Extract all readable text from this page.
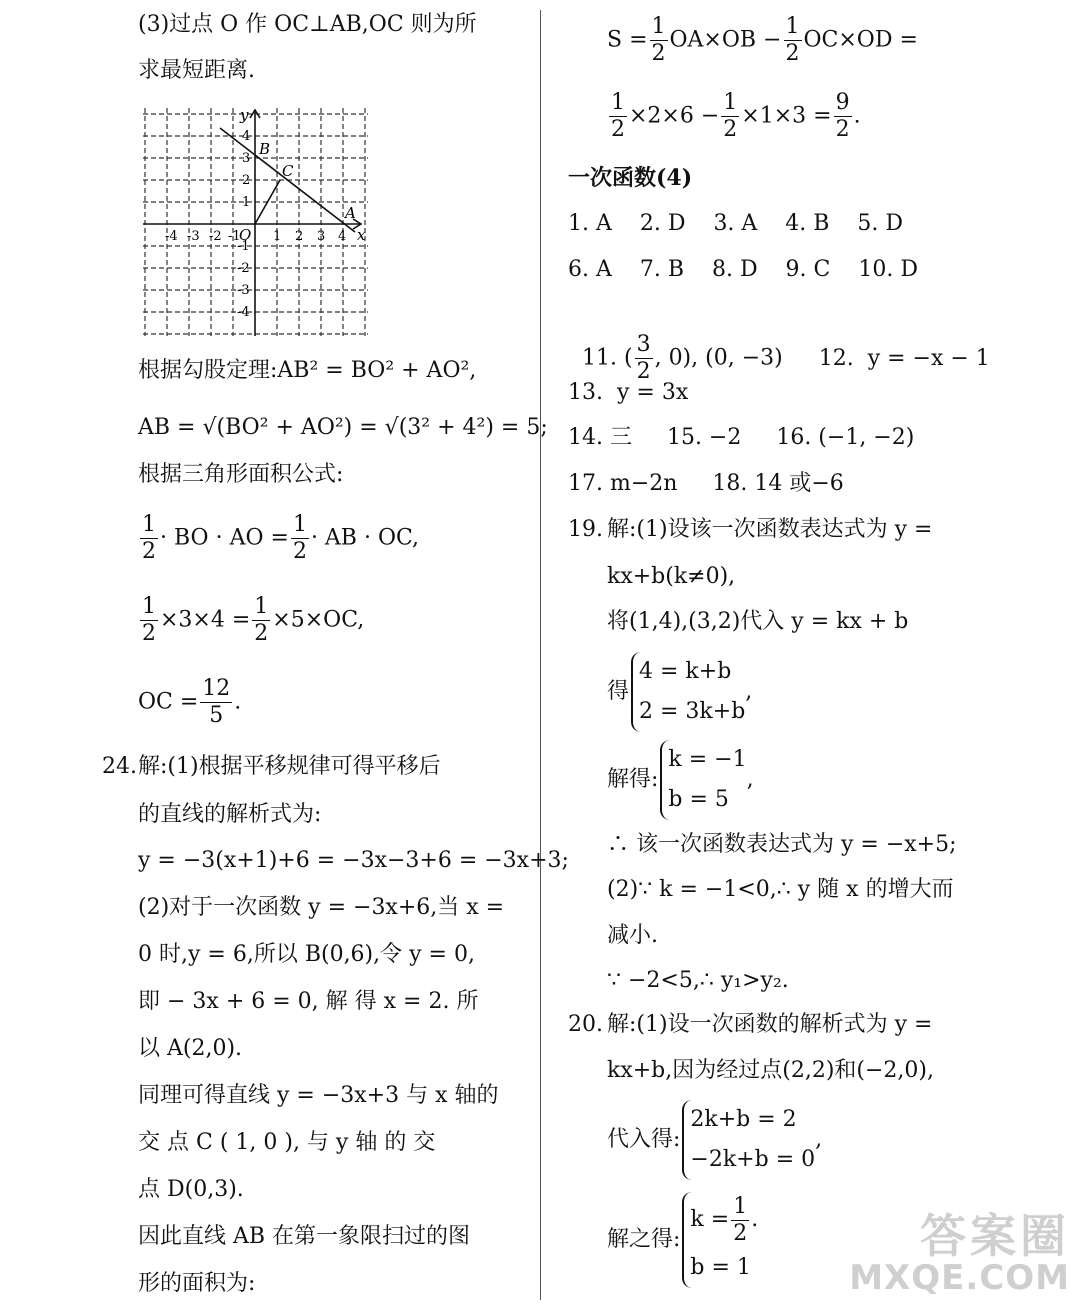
(3)过点 O 作 OC⊥AB,OC 则为所
求最短距离.
y
x
O
A
B
C
-4 -3 -2 -1 1 2 3 4
4
3
2
1
-1
-2
-3
-4
根据勾股定理:AB² = BO² + AO²,
AB = √(BO² + AO²) = √(3² + 4²) = 5;
根据三角形面积公式:
$\frac{1}{2}$ · BO · AO = $\frac{1}{2}$ · AB · OC,
$\frac{1}{2} \times 3\times 4 = \frac{1}{2} \times 5\times OC$,
OC = $\frac{12}{5}$ .
24. 解:(1)根据平移规律可得平移后
的直线的解析式为:
y = −3(x+1)+6 = −3x−3+6 = −3x+3;
(2)对于一次函数 y = −3x+6,当 x =
0 时,y = 6,所以 B(0,6),令 y = 0,
即 − 3x + 6 = 0, 解 得 x = 2. 所
以 A(2,0).
同理可得直线 y = −3x+3 与 x 轴的
交 点 C ( 1, 0 ), 与 y 轴 的 交
点 D(0,3).
因此直线 AB 在第一象限扫过的图
形的面积为:
$S = \frac{1}{2} OA\times OB - \frac{1}{2} OC\times OD$ =
$\frac{1}{2} \times 2\times 6 - \frac{1}{2} \times 1\times 3 = \frac{9}{2}$ .
一次函数(4)
1. A    2. D    3. A    4. B    5. D
6. A    7. B    8. D    9. C    10. D

11. ( $\frac{3}{2}$ , 0), (0, −3) 12.  y = −x − 1

13.  y = 3x
14. 三     15. −2     16. (−1, −2)
17. m−2n     18. 14 或−6
19. 解:(1)设该一次函数表达式为 y =
kx+b(k≠0),
将(1,4),(3,2)代入 y = kx + b
得
4 = k+b
2 = 3k+b
,
解得:
k = −1
b = 5
,
∴ 该一次函数表达式为 y = −x+5;
(2)∵ k = −1<0,∴ y 随 x 的增大而
减小.
∵ −2<5,∴ y₁>y₂.
20. 解:(1)设一次函数的解析式为 y =
kx+b,因为经过点(2,2)和(−2,0),
代入得:
2k+b = 2
−2k+b = 0
,
解之得:
$k = \frac{1}{2}$ .
b = 1
答案圈
MXQE.COM
